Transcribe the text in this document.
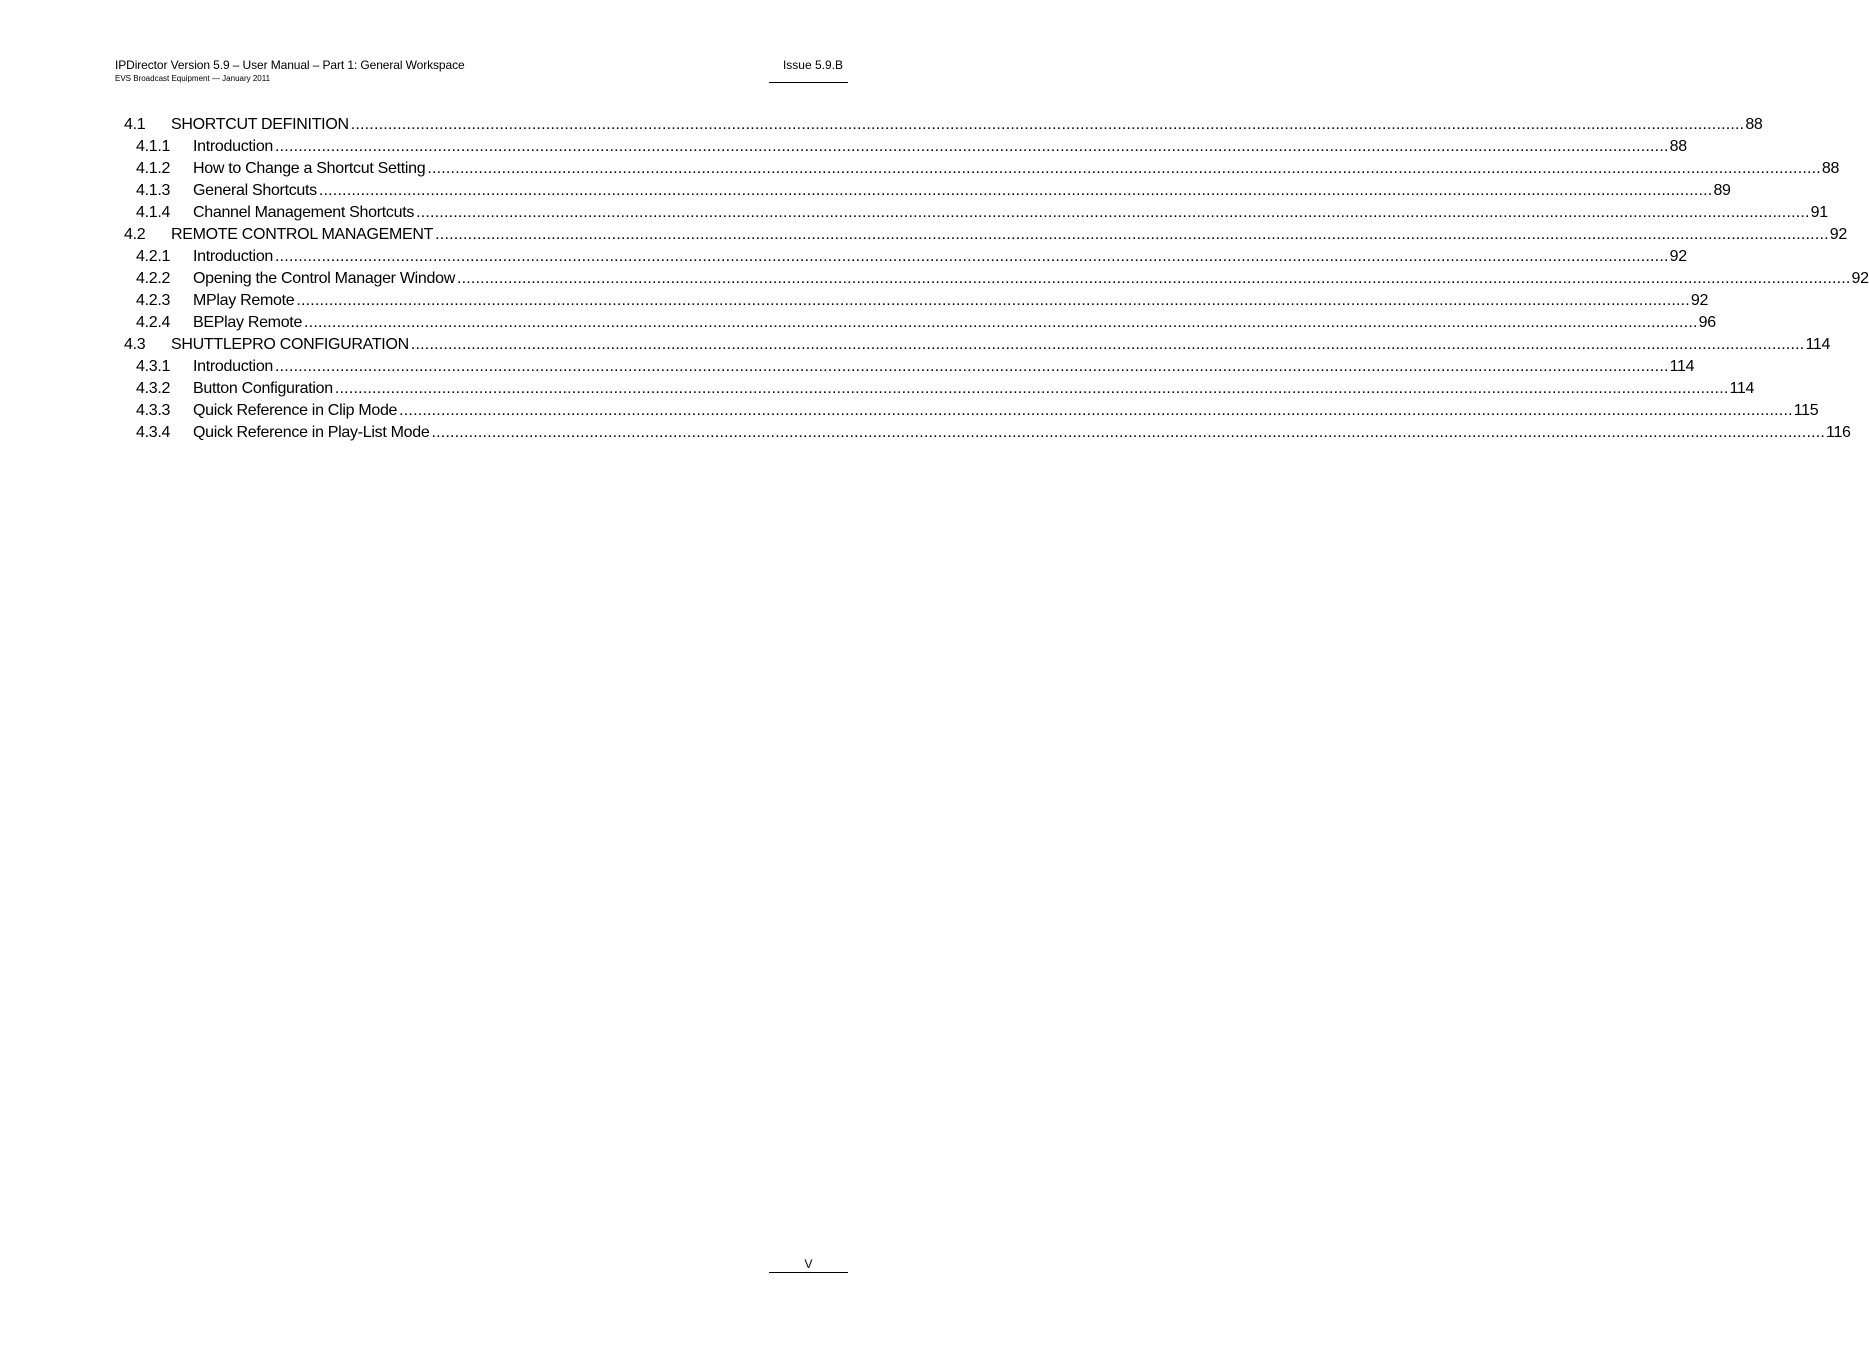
IPDirector Version 5.9 – User Manual – Part 1: General Workspace
EVS Broadcast Equipment — January 2011
Issue 5.9.B
4.1	SHORTCUT DEFINITION ............................................................................................................................................................................................................................................................................................................ 88
4.1.1	Introduction ............................................................................................................................................................................................................................................................................................................ 88
4.1.2	How to Change a Shortcut Setting ............................................................................................................................................................................................................................................................................................................ 88
4.1.3	General Shortcuts ............................................................................................................................................................................................................................................................................................................ 89
4.1.4	Channel Management Shortcuts ............................................................................................................................................................................................................................................................................................................ 91
4.2	REMOTE CONTROL MANAGEMENT ............................................................................................................................................................................................................................................................................................................ 92
4.2.1	Introduction ............................................................................................................................................................................................................................................................................................................ 92
4.2.2	Opening the Control Manager Window ............................................................................................................................................................................................................................................................................................................ 92
4.2.3	MPlay Remote ............................................................................................................................................................................................................................................................................................................ 92
4.2.4	BEPlay Remote ............................................................................................................................................................................................................................................................................................................ 96
4.3	SHUTTLEPRO CONFIGURATION ............................................................................................................................................................................................................................................................................................................ 114
4.3.1	Introduction ............................................................................................................................................................................................................................................................................................................ 114
4.3.2	Button Configuration ............................................................................................................................................................................................................................................................................................................ 114
4.3.3	Quick Reference in Clip Mode ............................................................................................................................................................................................................................................................................................................ 115
4.3.4	Quick Reference in Play-List Mode ............................................................................................................................................................................................................................................................................................................ 116
V
